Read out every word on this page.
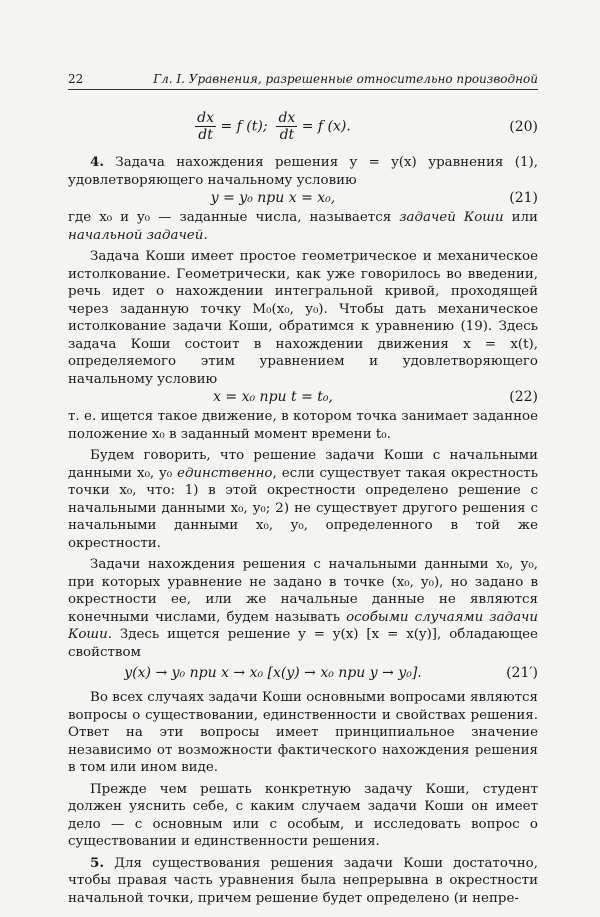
22	Гл. I. Уравнения, разрешенные относительно производной
$\frac{dx}{dt} = f$ (t); $\frac{dx}{dt} = f$ (x).	(20)

4. Задача нахождения решения y = y(x) уравнения (1), удовлетворяющего начальному условию

y = y₀ при x = x₀,	(21)

где x₀ и y₀ — заданные числа, называется задачей Коши или начальной задачей.

Задача Коши имеет простое геометрическое и механическое истолкование. Геометрически, как уже говорилось во введении, речь идет о нахождении интегральной кривой, проходящей через заданную точку M₀(x₀, y₀). Чтобы дать механическое истолкование задачи Коши, обратимся к уравнению (19). Здесь задача Коши состоит в нахождении движения x = x(t), определяемого этим уравнением и удовлетворяющего начальному условию

x = x₀ при t = t₀,	(22)

т. е. ищется такое движение, в котором точка занимает заданное положение x₀ в заданный момент времени t₀.

Будем говорить, что решение задачи Коши с начальными данными x₀, y₀ единственно, если существует такая окрестность точки x₀, что: 1) в этой окрестности определено решение с начальными данными x₀, y₀; 2) не существует другого решения с начальными данными x₀, y₀, определенного в той же окрестности.

Задачи нахождения решения с начальными данными x₀, y₀, при которых уравнение не задано в точке (x₀, y₀), но задано в окрестности ее, или же начальные данные не являются конечными числами, будем называть особыми случаями задачи Коши. Здесь ищется решение y = y(x) [x = x(y)], обладающее свойством

y(x) → y₀ при x → x₀ [x(y) → x₀ при y → y₀].	(21′)

Во всех случаях задачи Коши основными вопросами являются вопросы о существовании, единственности и свойствах решения. Ответ на эти вопросы имеет принципиальное значение независимо от возможности фактического нахождения решения в том или ином виде.

Прежде чем решать конкретную задачу Коши, студент должен уяснить себе, с каким случаем задачи Коши он имеет дело — с основным или с особым, и исследовать вопрос о существовании и единственности решения.

5. Для существования решения задачи Коши достаточно, чтобы правая часть уравнения была непрерывна в окрестности начальной точки, причем решение будет определено (и непре-
